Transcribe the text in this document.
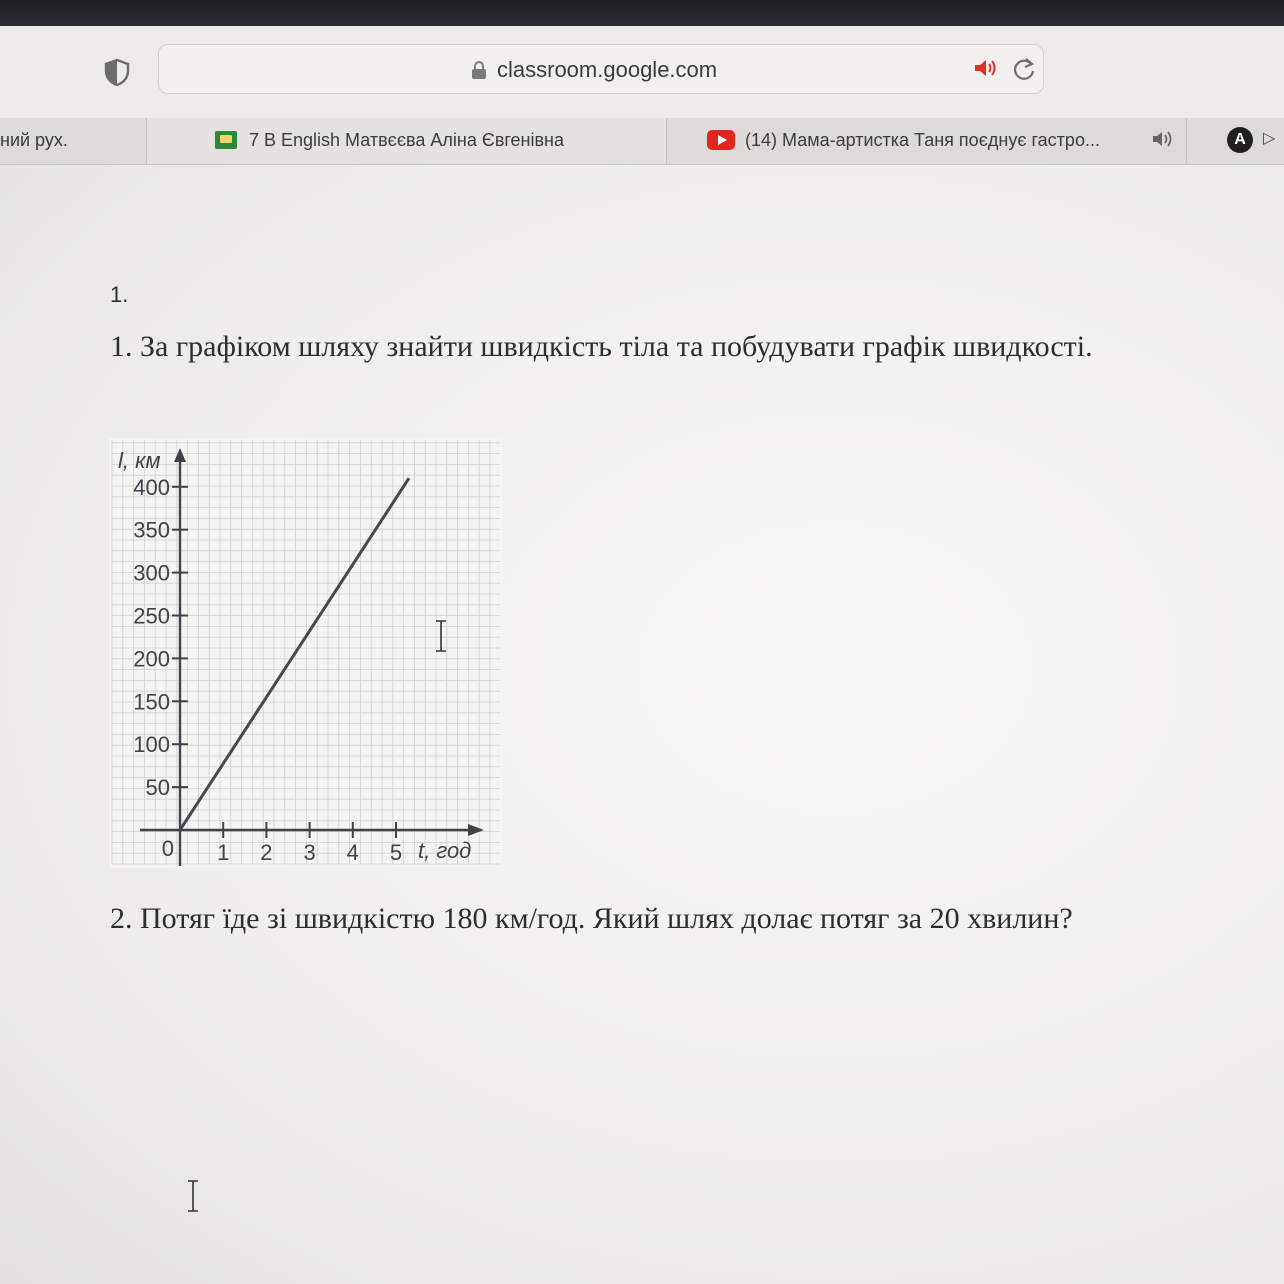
classroom.google.com
ний рух.	7 В English Матвєєва Аліна Євгенівна	(14) Мама-артистка Таня поєднує гастро...	A	▷
1.
1. За графіком шляху знайти швидкість тіла та побудувати графік швидкості.
50
100
150
200
250
300
350
400
1 2 3 4 5
0
l, км
t, год
2. Потяг їде зі швидкістю 180 км/год. Який шлях долає потяг за 20 хвилин?
